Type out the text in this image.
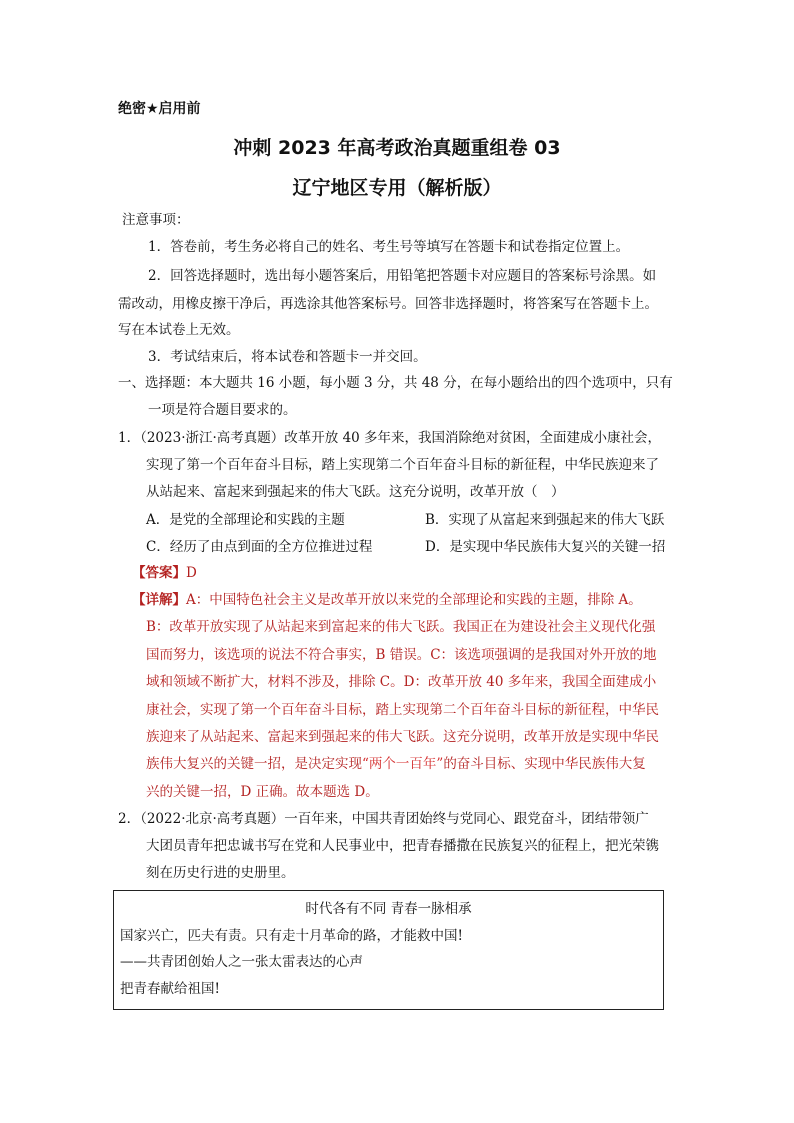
绝密★启用前
冲刺 2023 年高考政治真题重组卷 03
辽宁地区专用（解析版）
注意事项：
1．答卷前，考生务必将自己的姓名、考生号等填写在答题卡和试卷指定位置上。
2．回答选择题时，选出每小题答案后，用铅笔把答题卡对应题目的答案标号涂黑。如
需改动，用橡皮擦干净后，再选涂其他答案标号。回答非选择题时，将答案写在答题卡上。
写在本试卷上无效。
3．考试结束后，将本试卷和答题卡一并交回。
一、选择题：本大题共 16 小题，每小题 3 分，共 48 分，在每小题给出的四个选项中，只有
一项是符合题目要求的。
1．（2023·浙江·高考真题）改革开放 40 多年来，我国消除绝对贫困，全面建成小康社会，
实现了第一个百年奋斗目标，踏上实现第二个百年奋斗目标的新征程，中华民族迎来了
从站起来、富起来到强起来的伟大飞跃。这充分说明，改革开放（　）
A．是党的全部理论和实践的主题	B．实现了从富起来到强起来的伟大飞跃
C．经历了由点到面的全方位推进过程	D．是实现中华民族伟大复兴的关键一招
【答案】D
【详解】A：中国特色社会主义是改革开放以来党的全部理论和实践的主题，排除 A。
B：改革开放实现了从站起来到富起来的伟大飞跃。我国正在为建设社会主义现代化强
国而努力，该选项的说法不符合事实，B 错误。C：该选项强调的是我国对外开放的地
域和领域不断扩大，材料不涉及，排除 C。D：改革开放 40 多年来，我国全面建成小
康社会，实现了第一个百年奋斗目标，踏上实现第二个百年奋斗目标的新征程，中华民
族迎来了从站起来、富起来到强起来的伟大飞跃。这充分说明，改革开放是实现中华民
族伟大复兴的关键一招，是决定实现“两个一百年”的奋斗目标、实现中华民族伟大复
兴的关键一招，D 正确。故本题选 D。
2．（2022·北京·高考真题）一百年来，中国共青团始终与党同心、跟党奋斗，团结带领广
大团员青年把忠诚书写在党和人民事业中，把青春播撒在民族复兴的征程上，把光荣镌
刻在历史行进的史册里。
时代各有不同 青春一脉相承
国家兴亡，匹夫有责。只有走十月革命的路，才能救中国!
——共青团创始人之一张太雷表达的心声
把青春献给祖国!
